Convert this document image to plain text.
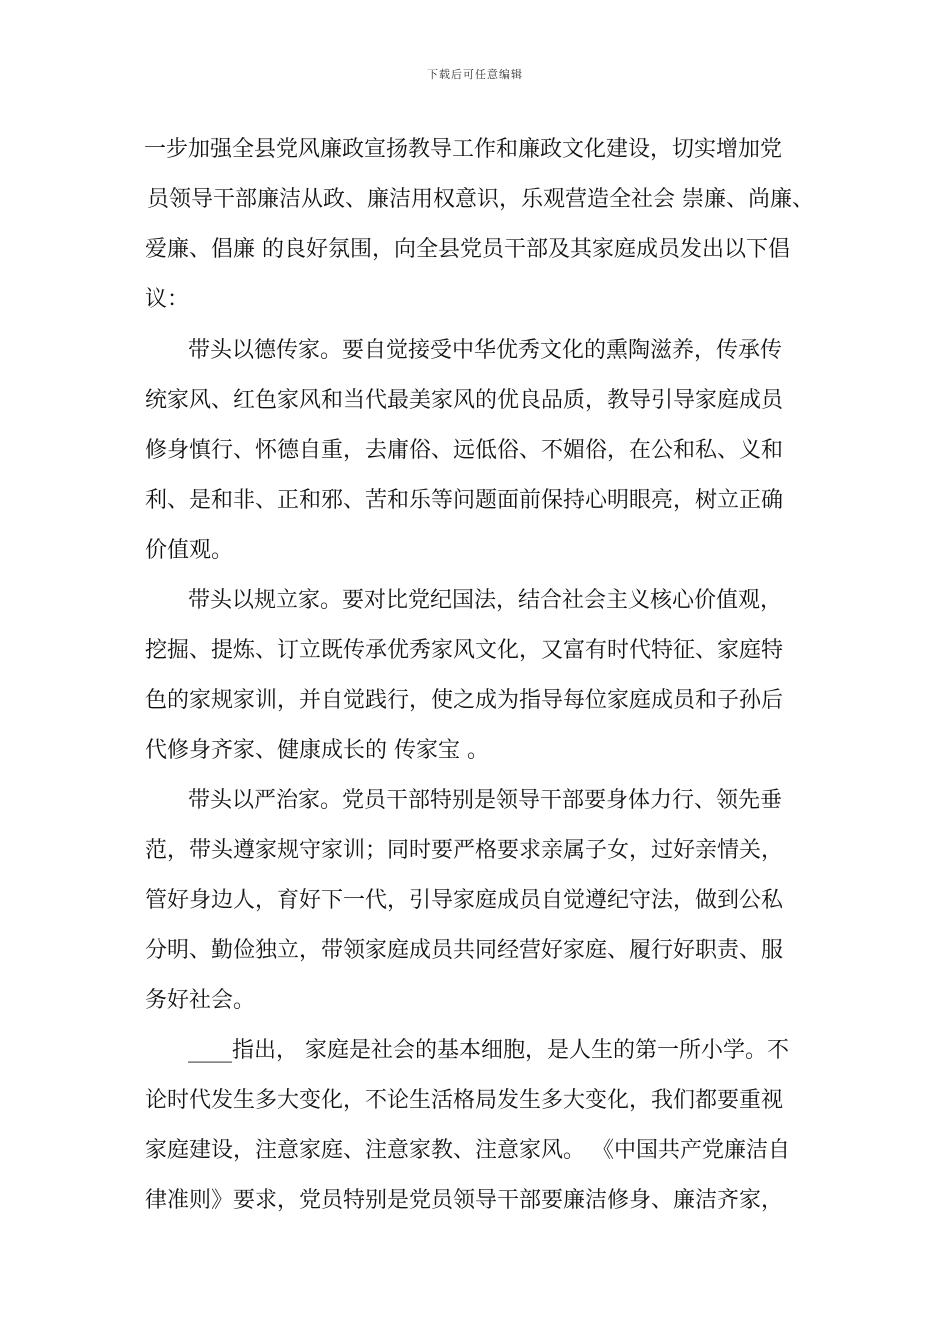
下载后可任意编辑
一步加强全县党风廉政宣扬教导工作和廉政文化建设，切实增加党
员领导干部廉洁从政、廉洁用权意识，乐观营造全社会 崇廉、尚廉、
爱廉、倡廉 的良好氛围，向全县党员干部及其家庭成员发出以下倡
议：
带头以德传家。要自觉接受中华优秀文化的熏陶滋养，传承传
统家风、红色家风和当代最美家风的优良品质，教导引导家庭成员
修身慎行、怀德自重，去庸俗、远低俗、不媚俗，在公和私、义和
利、是和非、正和邪、苦和乐等问题面前保持心明眼亮，树立正确
价值观。
带头以规立家。要对比党纪国法，结合社会主义核心价值观，
挖掘、提炼、订立既传承优秀家风文化，又富有时代特征、家庭特
色的家规家训，并自觉践行，使之成为指导每位家庭成员和子孙后
代修身齐家、健康成长的 传家宝 。
带头以严治家。党员干部特别是领导干部要身体力行、领先垂
范，带头遵家规守家训；同时要严格要求亲属子女，过好亲情关，
管好身边人，育好下一代，引导家庭成员自觉遵纪守法，做到公私
分明、勤俭独立，带领家庭成员共同经营好家庭、履行好职责、服
务好社会。
____指出， 家庭是社会的基本细胞，是人生的第一所小学。不
论时代发生多大变化，不论生活格局发生多大变化，我们都要重视
家庭建设，注意家庭、注意家教、注意家风。 《中国共产党廉洁自
律准则》要求，党员特别是党员领导干部要廉洁修身、廉洁齐家，
